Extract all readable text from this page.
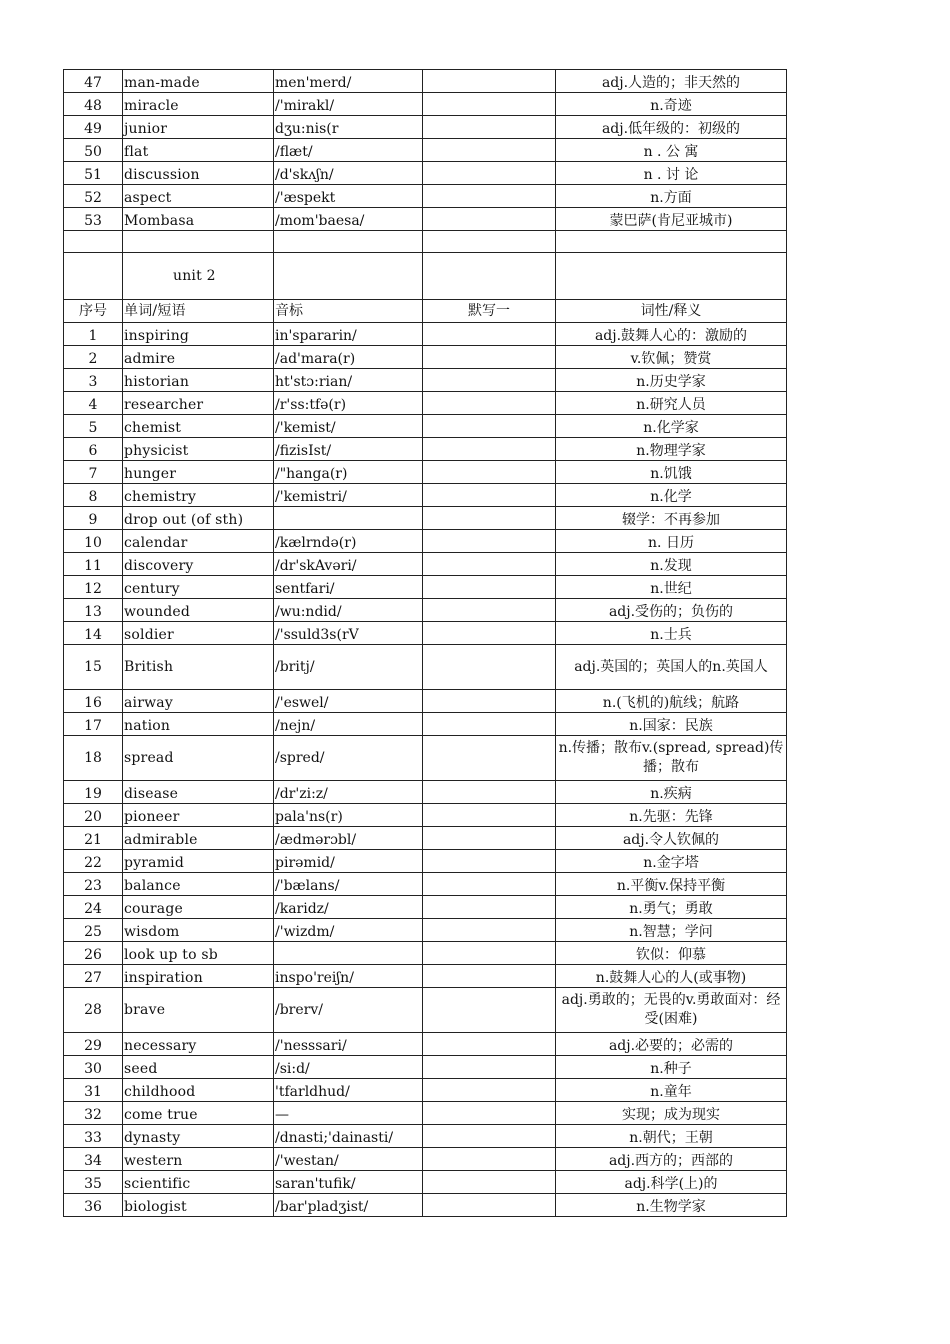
47	man-made	men'merd/		adj.人造的；非天然的
48	miracle	/'mirakl/		n.奇迹
49	junior	dʒu:nis(r		adj.低年级的：初级的
50	flat	/flæt/		n . 公 寓
51	discussion	/d'skʌʃn/		n . 讨 论
52	aspect	/'æspekt		n.方面
53	Mombasa	/mom'baesa/		蒙巴萨(肯尼亚城市)

	unit 2			
序号	单词/短语	音标	默写一	词性/释义
1	inspiring	in'spararin/		adj.鼓舞人心的：激励的
2	admire	/ad'mara(r)		v.钦佩；赞赏
3	historian	ht'stɔ:rian/		n.历史学家
4	researcher	/r'ss:tfə(r)		n.研究人员
5	chemist	/'kemist/		n.化学家
6	physicist	/fizisIst/		n.物理学家
7	hunger	/"hanga(r)		n.饥饿
8	chemistry	/'kemistri/		n.化学
9	drop out (of sth)			辍学：不再参加
10	calendar	/kælrndə(r)		n. 日历
11	discovery	/dr'skAvəri/		n.发现
12	century	sentfari/		n.世纪
13	wounded	/wu:ndid/		adj.受伤的；负伤的
14	soldier	/'ssuld3s(rV		n.士兵
15	British	/britj/		adj.英国的；英国人的n.英国人
16	airway	/'eswel/		n.(飞机的)航线；航路
17	nation	/nejn/		n.国家：民族
18	spread	/spred/		n.传播；散布v.(spread, spread)传播；散布
19	disease	/dr'zi:z/		n.疾病
20	pioneer	pala'ns(r)		n.先驱：先锋
21	admirable	/ædmərɔbl/		adj.令人钦佩的
22	pyramid	pirəmid/		n.金字塔
23	balance	/'bælans/		n.平衡v.保持平衡
24	courage	/karidz/		n.勇气；勇敢
25	wisdom	/'wizdm/		n.智慧；学问
26	look up to sb			钦似：仰慕
27	inspiration	inspo'reiʃn/		n.鼓舞人心的人(或事物)
28	brave	/brerv/		adj.勇敢的；无畏的v.勇敢面对：经受(困难)
29	necessary	/'nesssari/		adj.必要的；必需的
30	seed	/si:d/		n.种子
31	childhood	'tfarldhud/		n.童年
32	come true	—		实现；成为现实
33	dynasty	/dnasti;'dainasti/		n.朝代；王朝
34	western	/'westan/		adj.西方的；西部的
35	scientific	saran'tufik/		adj.科学(上)的
36	biologist	/bar'pladʒist/		n.生物学家
